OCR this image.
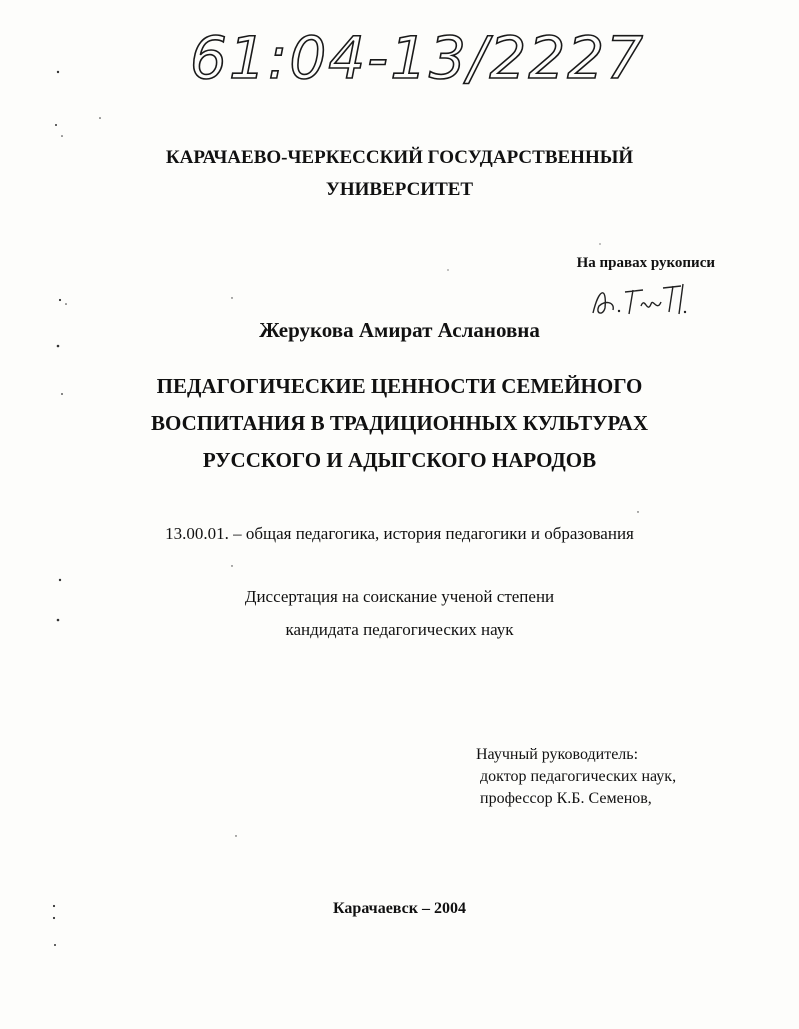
61:04-13/2227
КАРАЧАЕВО-ЧЕРКЕССКИЙ ГОСУДАРСТВЕННЫЙ
УНИВЕРСИТЕТ
На правах рукописи
Жерукова Амират Аслановна
ПЕДАГОГИЧЕСКИЕ ЦЕННОСТИ СЕМЕЙНОГО
ВОСПИТАНИЯ В ТРАДИЦИОННЫХ КУЛЬТУРАХ
РУССКОГО И АДЫГСКОГО НАРОДОВ
13.00.01. – общая педагогика, история педагогики и образования
Диссертация на соискание ученой степени
кандидата педагогических наук
Научный руководитель:
доктор педагогических наук,
профессор К.Б. Семенов,
Карачаевск – 2004
